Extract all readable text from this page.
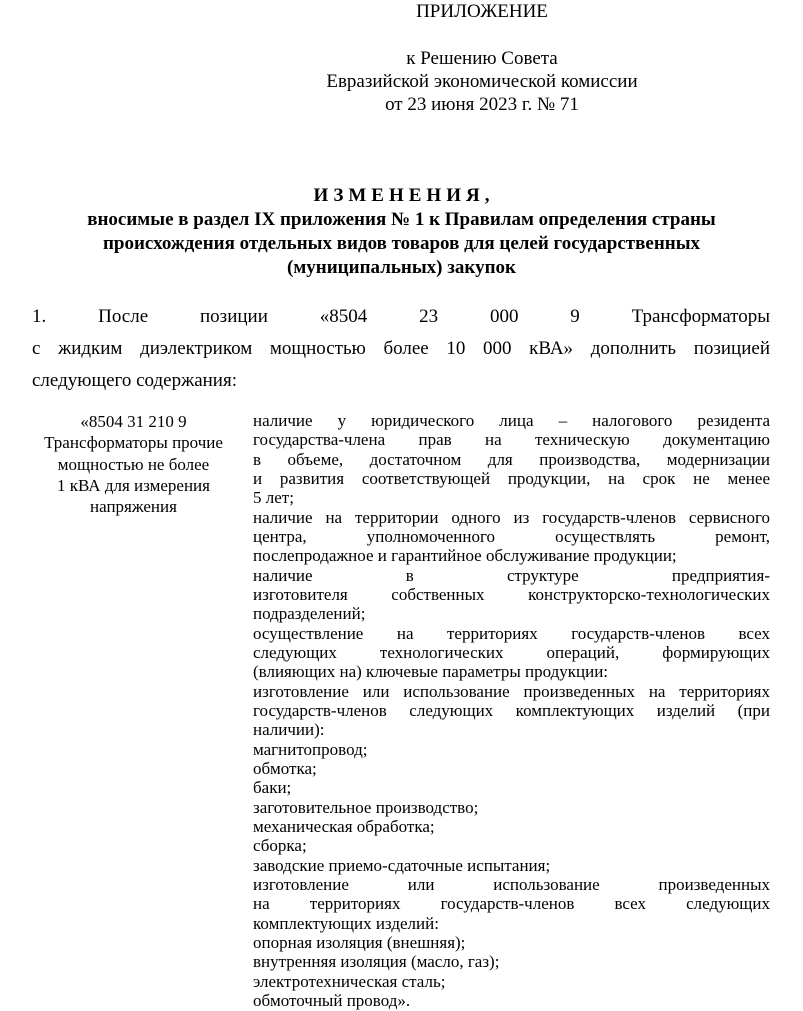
ПРИЛОЖЕНИЕ
к Решению Совета
Евразийской экономической комиссии
от 23 июня 2023 г. № 71
ИЗМЕНЕНИЯ,
вносимые в раздел IX приложения № 1 к Правилам определения страны
происхождения отдельных видов товаров для целей государственных
(муниципальных) закупок
1. После позиции «8504 23 000 9 Трансформаторы
с жидким диэлектриком мощностью более 10 000 кВА» дополнить позицией
следующего содержания:
«8504 31 210 9
Трансформаторы прочие
мощностью не более
1 кВА для измерения
напряжения
наличие у юридического лица – налогового резидента
государства-члена прав на техническую документацию
в объеме, достаточном для производства, модернизации
и развития соответствующей продукции, на срок не менее
5 лет;
наличие на территории одного из государств-членов сервисного
центра, уполномоченного осуществлять ремонт,
послепродажное и гарантийное обслуживание продукции;
наличие в структуре предприятия-
изготовителя собственных конструкторско-технологических
подразделений;
осуществление на территориях государств-членов всех
следующих технологических операций, формирующих
(влияющих на) ключевые параметры продукции:
изготовление или использование произведенных на территориях
государств-членов следующих комплектующих изделий (при
наличии):
магнитопровод;
обмотка;
баки;
заготовительное производство;
механическая обработка;
сборка;
заводские приемо-сдаточные испытания;
изготовление или использование произведенных
на территориях государств-членов всех следующих
комплектующих изделий:
опорная изоляция (внешняя);
внутренняя изоляция (масло, газ);
электротехническая сталь;
обмоточный провод».
